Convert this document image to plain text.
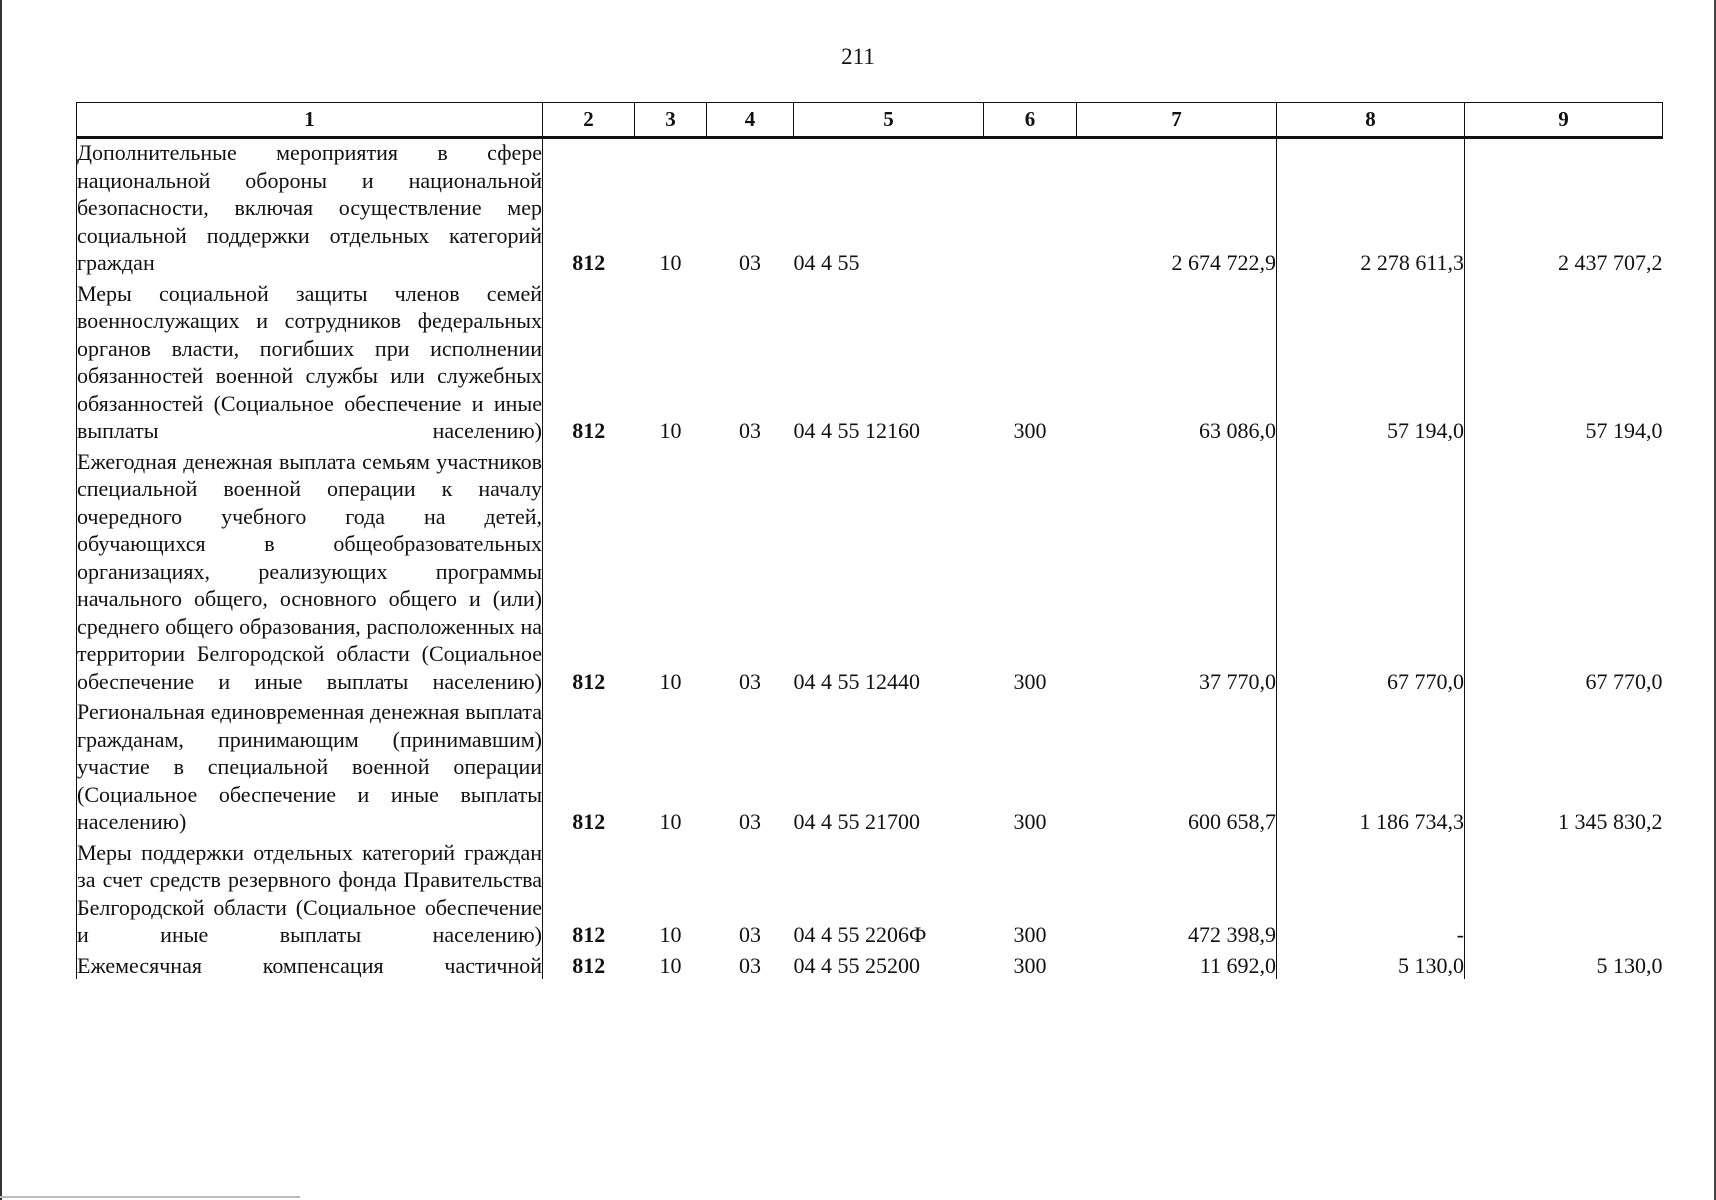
211
1	2	3	4	5	6	7	8	9
Дополнительные мероприятия в сфере национальной обороны и национальной безопасности, включая осуществление мер социальной поддержки отдельных категорий граждан	812	10	03	04 4 55		2 674 722,9	2 278 611,3	2 437 707,2
Меры социальной защиты членов семей военнослужащих и сотрудников федеральных органов власти, погибших при исполнении обязанностей военной службы или служебных обязанностей (Социальное обеспечение и иные выплаты населению)	812	10	03	04 4 55 12160	300	63 086,0	57 194,0	57 194,0
Ежегодная денежная выплата семьям участников специальной военной операции к началу очередного учебного года на детей, обучающихся в общеобразовательных организациях, реализующих программы начального общего, основного общего и (или) среднего общего образования, расположенных на территории Белгородской области (Социальное обеспечение и иные выплаты населению)	812	10	03	04 4 55 12440	300	37 770,0	67 770,0	67 770,0
Региональная единовременная денежная выплата гражданам, принимающим (принимавшим) участие в специальной военной операции (Социальное обеспечение и иные выплаты населению)	812	10	03	04 4 55 21700	300	600 658,7	1 186 734,3	1 345 830,2
Меры поддержки отдельных категорий граждан за счет средств резервного фонда Правительства Белгородской области (Социальное обеспечение и иные выплаты населению)	812	10	03	04 4 55 2206Ф	300	472 398,9	-	
Ежемесячная компенсация частичной	812	10	03	04 4 55 25200	300	11 692,0	5 130,0	5 130,0
